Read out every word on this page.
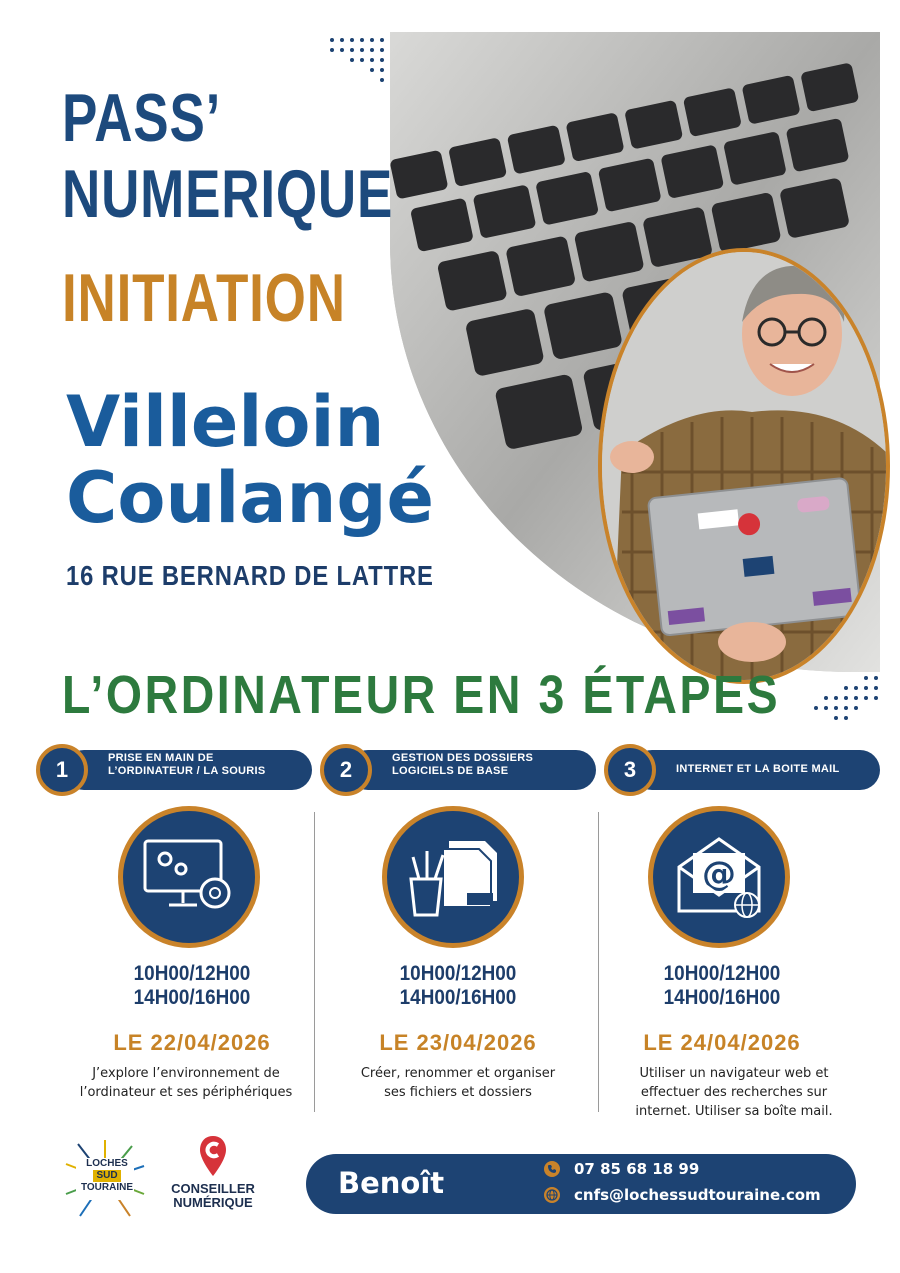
PASS’
NUMERIQUE
INITIATION
Villeloin
Coulangé
16 RUE BERNARD DE LATTRE
L’ORDINATEUR EN 3 ÉTAPES
1	PRISE EN MAIN DE
L’ORDINATEUR / LA SOURIS	2	GESTION DES DOSSIERS
LOGICIELS DE BASE	3	INTERNET ET LA BOITE MAIL
@
10H00/12H00
14H00/16H00
10H00/12H00
14H00/16H00
10H00/12H00
14H00/16H00
LE 22/04/2026	LE 23/04/2026	LE 24/04/2026
J’explore l’environnement de
l’ordinateur et ses périphériques
Créer, renommer et organiser
ses fichiers et dossiers
Utiliser un navigateur web et
effectuer des recherches sur
internet. Utiliser sa boîte mail.
LOCHES
SUD
TOURAINE	CONSEILLER
NUMÉRIQUE
Benoît	07 85 68 18 99
cnfs@lochessudtouraine.com
